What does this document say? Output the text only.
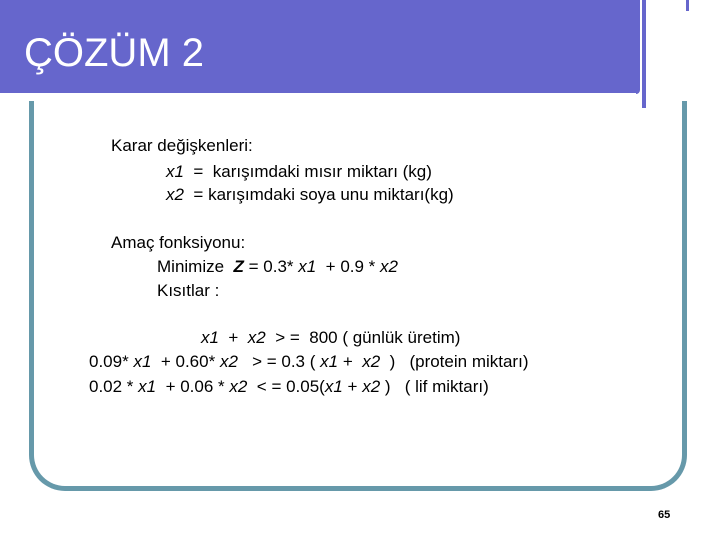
ÇÖZÜM 2
Karar değişkenleri:
x1  =  karışımdaki mısır miktarı (kg)
x2  = karışımdaki soya unu miktarı(kg)
Amaç fonksiyonu:
Minimize  Z = 0.3* x1  + 0.9 * x2
Kısıtlar :
x1  +  x2  > =  800 ( günlük üretim)
0.09* x1  + 0.60* x2   > = 0.3 ( x1 +  x2  )   (protein miktarı)
0.02 * x1  + 0.06 * x2  < = 0.05(x1 + x2 )   ( lif miktarı)
65
